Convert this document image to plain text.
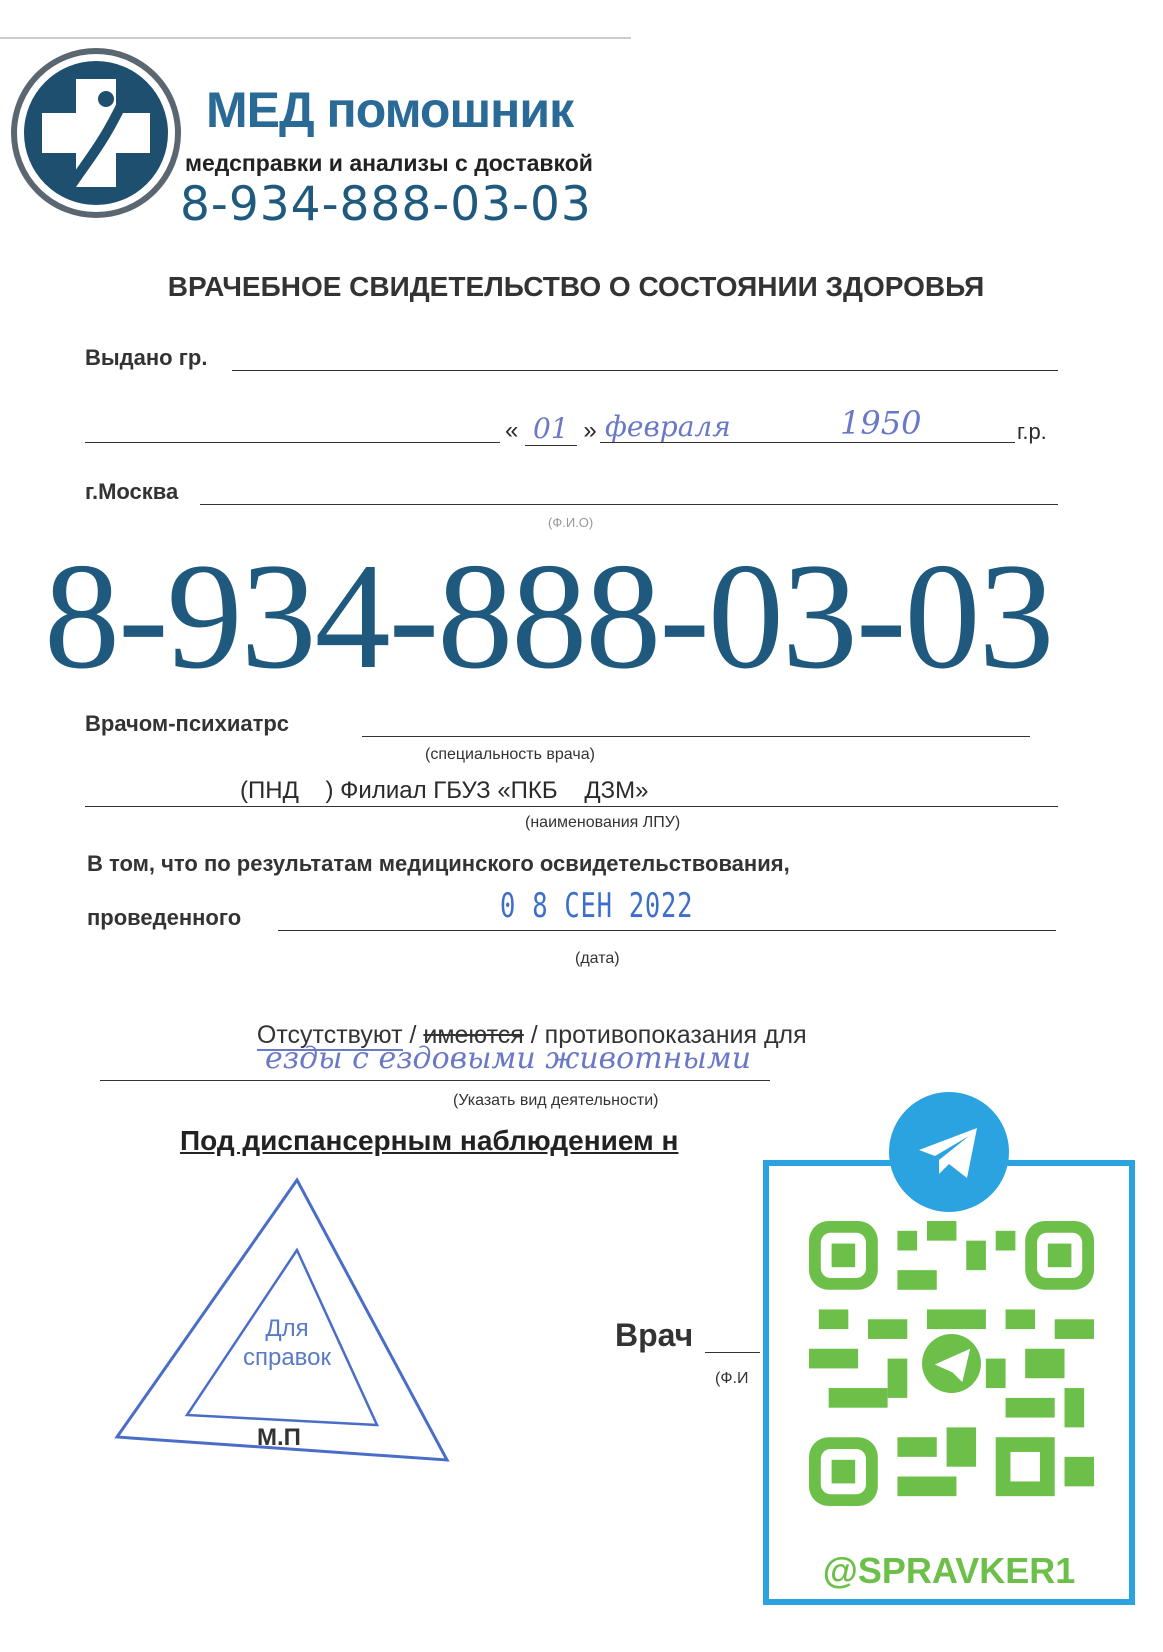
МЕД помошник
медсправки и анализы с доставкой
8-934-888-03-03
ВРАЧЕБНОЕ СВИДЕТЕЛЬСТВО О СОСТОЯНИИ ЗДОРОВЬЯ
Выдано гр.
« 01 » февраля	1950	г.р.
г.Москва
(Ф.И.О)
8-934-888-03-03
Врачом-психиатрс
(специальность врача)
(ПНД    ) Филиал ГБУЗ «ПКБ    ДЗМ»
(наименования ЛПУ)
В том, что по результатам медицинского освидетельствования,
проведенного	0 8 СЕН 2022
(дата)

Отсутствуют / имеются / противопоказания для

езды с ездовыми животными
(Указать вид деятельности)
Под диспансерным наблюдением н
Для справок
М.П
Врач
(Ф.И
@SPRAVKER1
